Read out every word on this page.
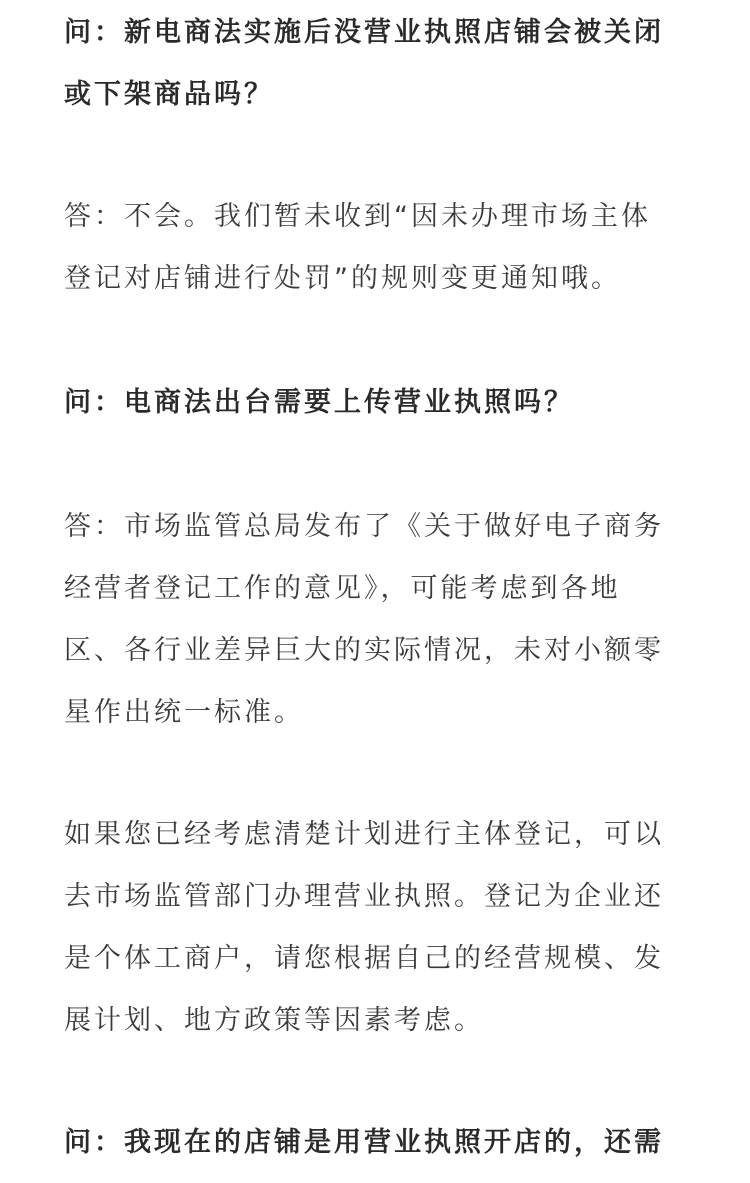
问：新电商法实施后没营业执照店铺会被关闭
或下架商品吗？

答：不会。我们暂未收到“因未办理市场主体
登记对店铺进行处罚”的规则变更通知哦。

问：电商法出台需要上传营业执照吗？

答：市场监管总局发布了《关于做好电子商务
经营者登记工作的意见》，可能考虑到各地
区、各行业差异巨大的实际情况，未对小额零
星作出统一标准。

如果您已经考虑清楚计划进行主体登记，可以
去市场监管部门办理营业执照。登记为企业还
是个体工商户，请您根据自己的经营规模、发
展计划、地方政策等因素考虑。

问：我现在的店铺是用营业执照开店的，还需
